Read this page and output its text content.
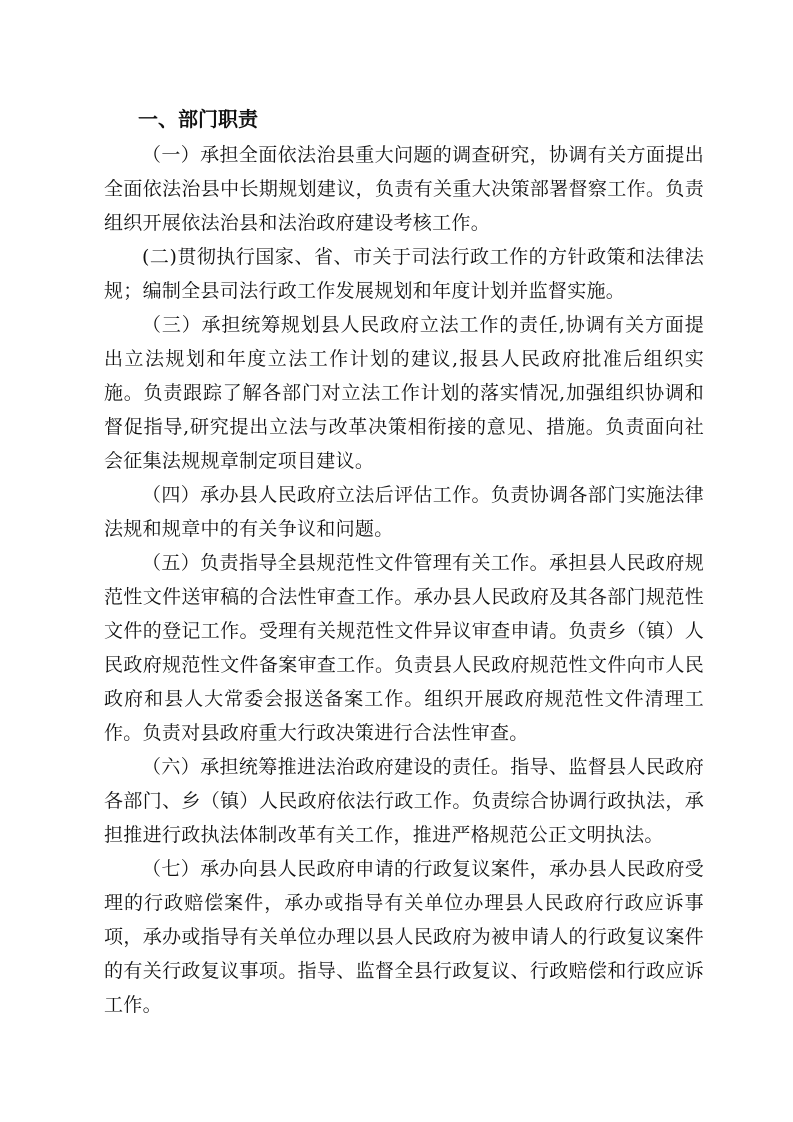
一、部门职责

（一）承担全面依法治县重大问题的调查研究，协调有关方面提出全面依法治县中长期规划建议，负责有关重大决策部署督察工作。负责组织开展依法治县和法治政府建设考核工作。

(二)贯彻执行国家、省、市关于司法行政工作的方针政策和法律法规；编制全县司法行政工作发展规划和年度计划并监督实施。

（三）承担统筹规划县人民政府立法工作的责任,协调有关方面提出立法规划和年度立法工作计划的建议,报县人民政府批准后组织实施。负责跟踪了解各部门对立法工作计划的落实情况,加强组织协调和督促指导,研究提出立法与改革决策相衔接的意见、措施。负责面向社会征集法规规章制定项目建议。

（四）承办县人民政府立法后评估工作。负责协调各部门实施法律法规和规章中的有关争议和问题。

（五）负责指导全县规范性文件管理有关工作。承担县人民政府规范性文件送审稿的合法性审查工作。承办县人民政府及其各部门规范性文件的登记工作。受理有关规范性文件异议审查申请。负责乡（镇）人民政府规范性文件备案审查工作。负责县人民政府规范性文件向市人民政府和县人大常委会报送备案工作。组织开展政府规范性文件清理工作。负责对县政府重大行政决策进行合法性审查。

（六）承担统筹推进法治政府建设的责任。指导、监督县人民政府各部门、乡（镇）人民政府依法行政工作。负责综合协调行政执法，承担推进行政执法体制改革有关工作，推进严格规范公正文明执法。

（七）承办向县人民政府申请的行政复议案件，承办县人民政府受理的行政赔偿案件，承办或指导有关单位办理县人民政府行政应诉事项，承办或指导有关单位办理以县人民政府为被申请人的行政复议案件的有关行政复议事项。指导、监督全县行政复议、行政赔偿和行政应诉工作。
